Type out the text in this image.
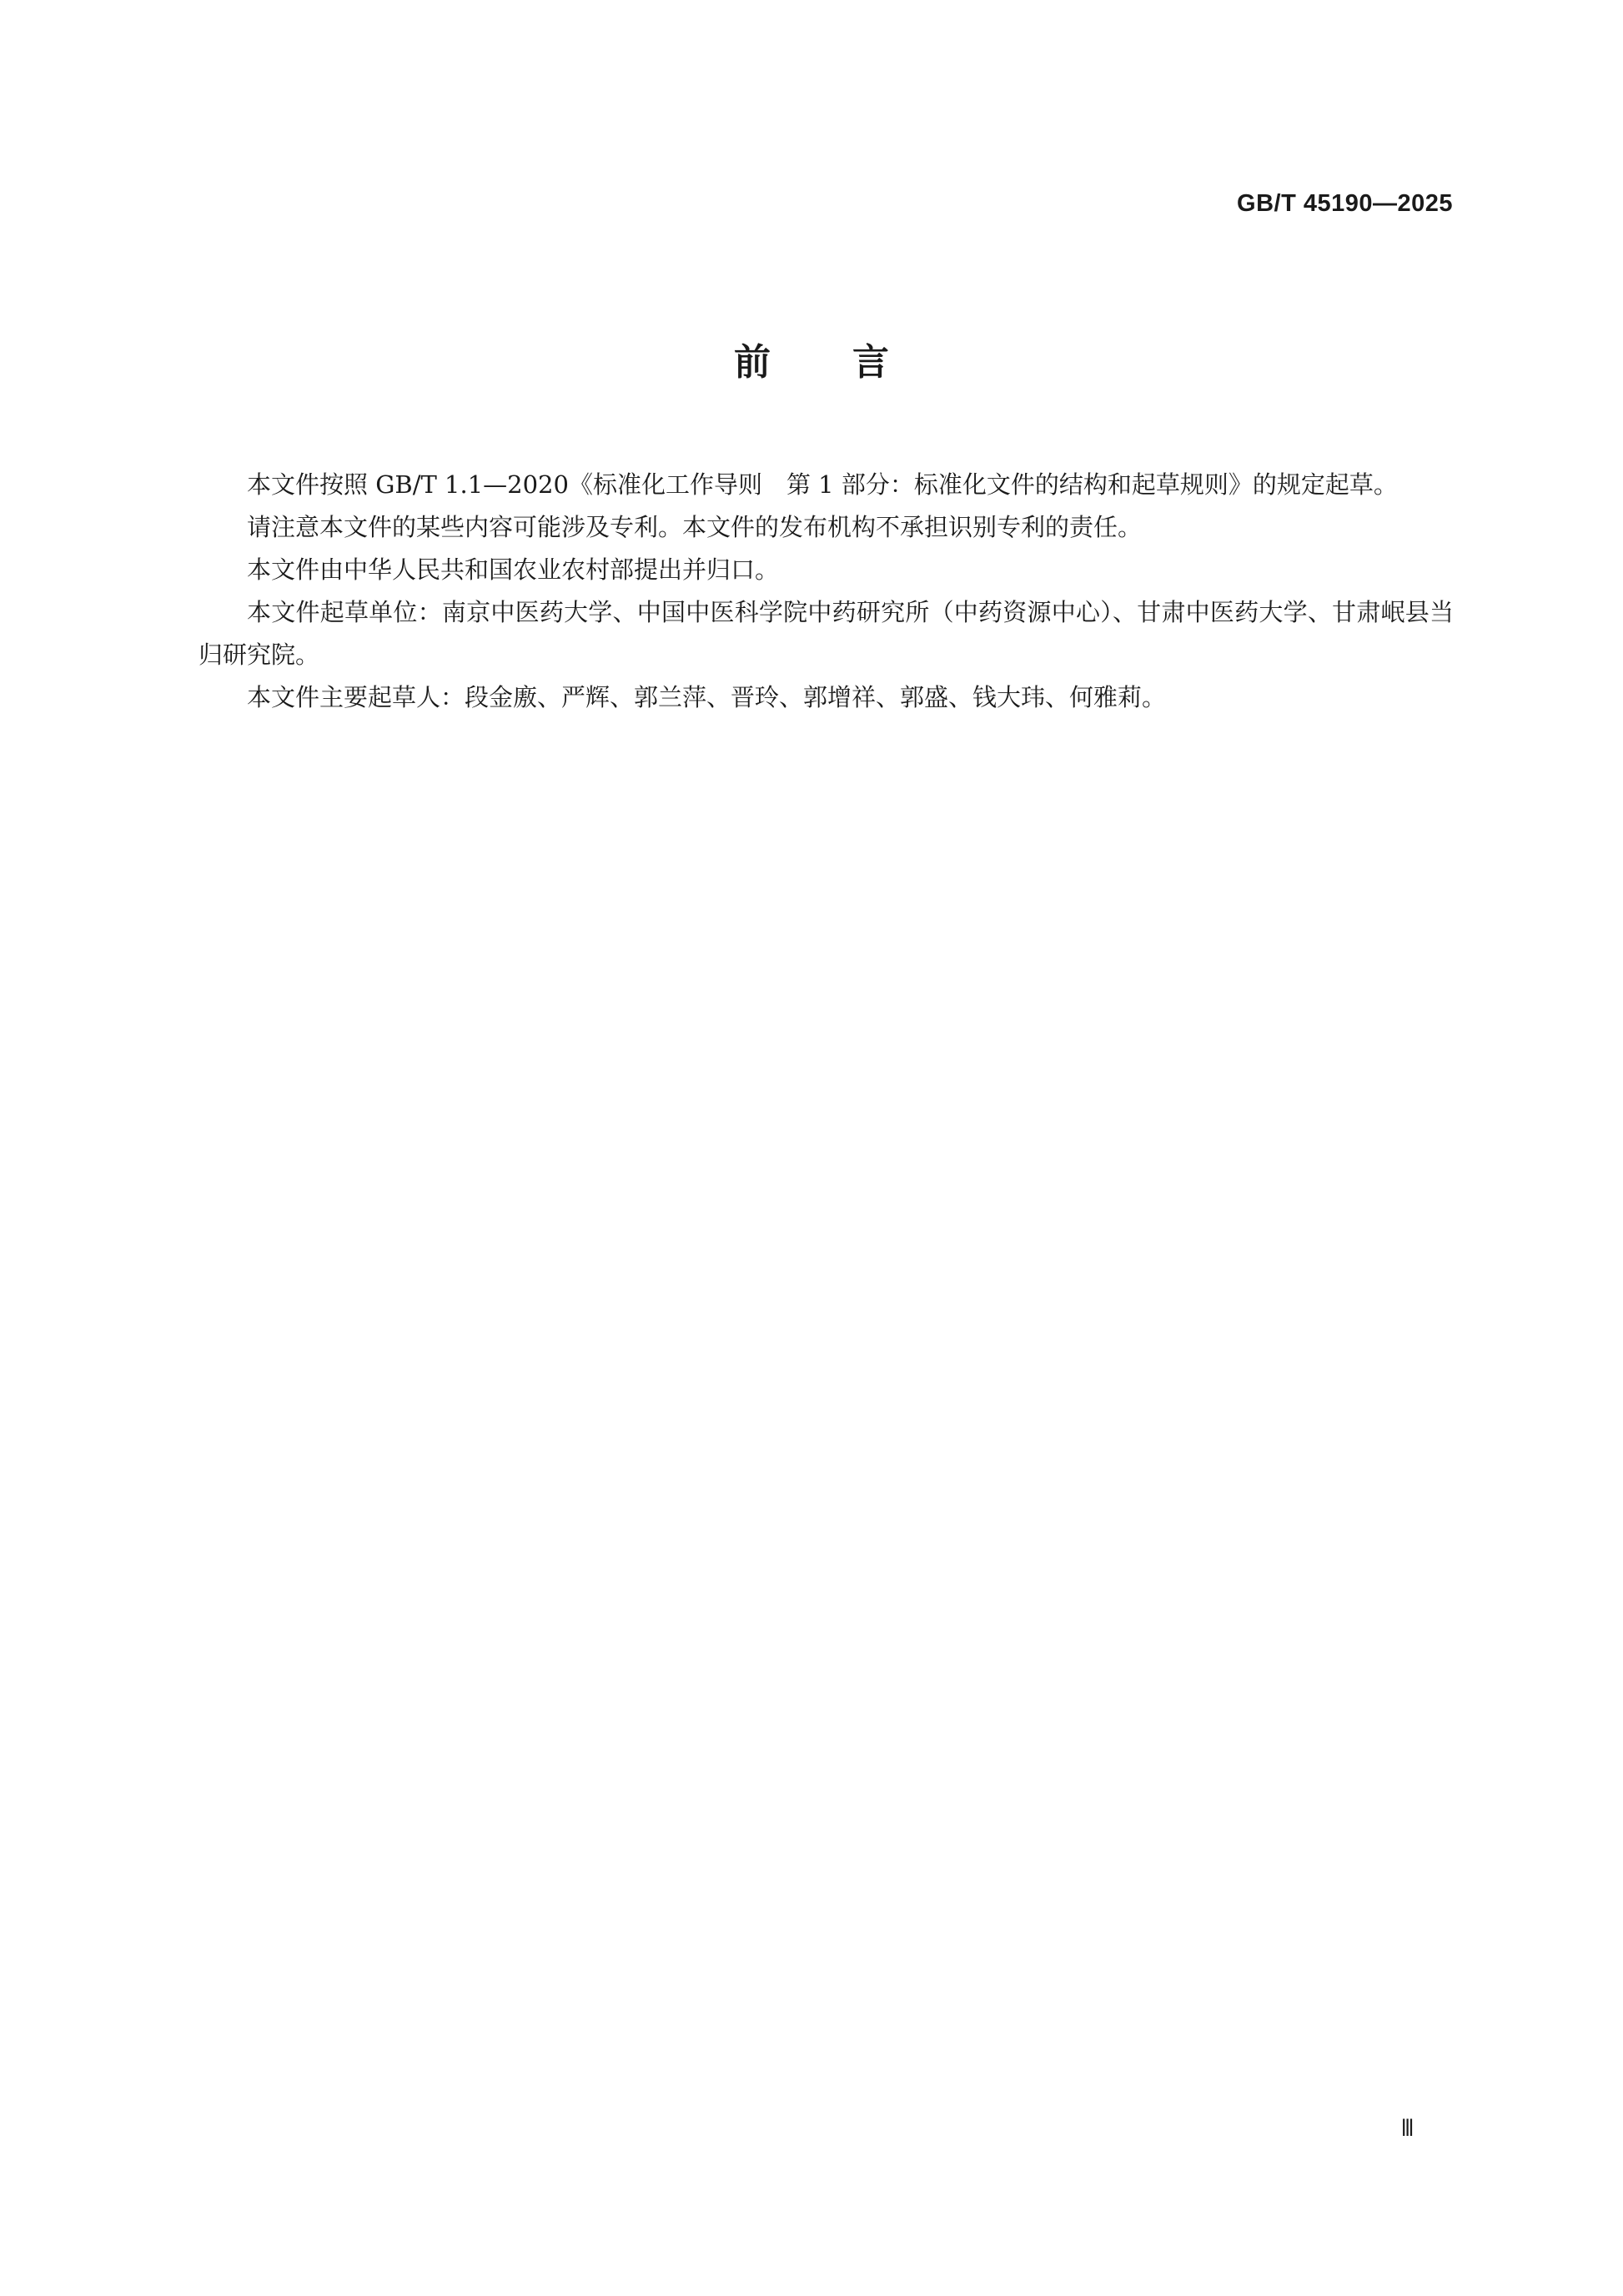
GB/T 45190—2025
前言

本文件按照 GB/T 1.1—2020《标准化工作导则　第 1 部分：标准化文件的结构和起草规则》的规定起草。

请注意本文件的某些内容可能涉及专利。本文件的发布机构不承担识别专利的责任。

本文件由中华人民共和国农业农村部提出并归口。

本文件起草单位：南京中医药大学、中国中医科学院中药研究所（中药资源中心）、甘肃中医药大学、甘肃岷县当归研究院。

本文件主要起草人：段金廒、严辉、郭兰萍、晋玲、郭增祥、郭盛、钱大玮、何雅莉。

Ⅲ
